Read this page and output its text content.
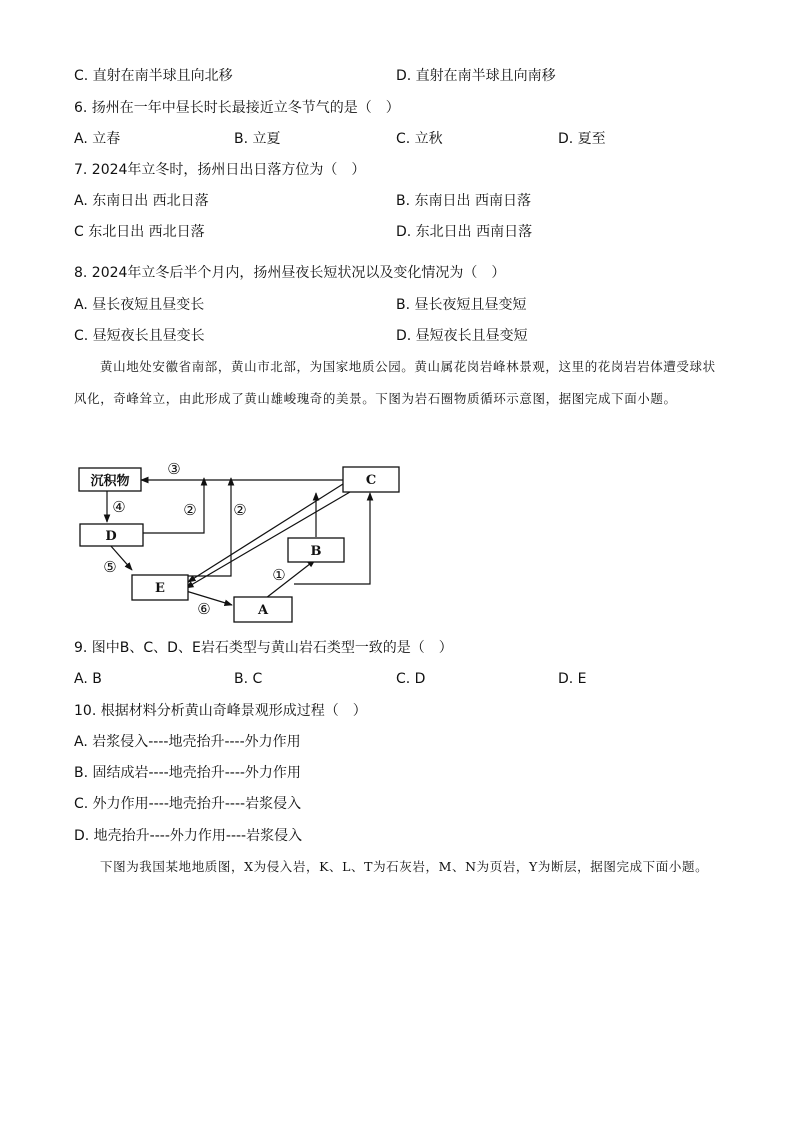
C. 直射在南半球且向北移	D. 直射在南半球且向南移
6. 扬州在一年中昼长时长最接近立冬节气的是（　）
A. 立春	B. 立夏	C. 立秋	D. 夏至
7. 2024年立冬时，扬州日出日落方位为（　）
A. 东南日出 西北日落	B. 东南日出 西南日落
C 东北日出 西北日落	D. 东北日出 西南日落
8. 2024年立冬后半个月内，扬州昼夜长短状况以及变化情况为（　）
A. 昼长夜短且昼变长	B. 昼长夜短且昼变短
C. 昼短夜长且昼变长	D. 昼短夜长且昼变短
黄山地处安徽省南部，黄山市北部，为国家地质公园。黄山属花岗岩峰林景观，这里的花岗岩岩体遭受球状风化，奇峰耸立，由此形成了黄山雄峻瑰奇的美景。下图为岩石圈物质循环示意图，据图完成下面小题。
沉积物	C
D
B
E
A
③
④	② ②
⑤	①
⑥
9. 图中B、C、D、E岩石类型与黄山岩石类型一致的是（　）
A. B	B. C	C. D	D. E
10. 根据材料分析黄山奇峰景观形成过程（　）
A. 岩浆侵入----地壳抬升----外力作用
B. 固结成岩----地壳抬升----外力作用
C. 外力作用----地壳抬升----岩浆侵入
D. 地壳抬升----外力作用----岩浆侵入
下图为我国某地地质图，X为侵入岩，K、L、T为石灰岩，M、N为页岩，Y为断层，据图完成下面小题。
